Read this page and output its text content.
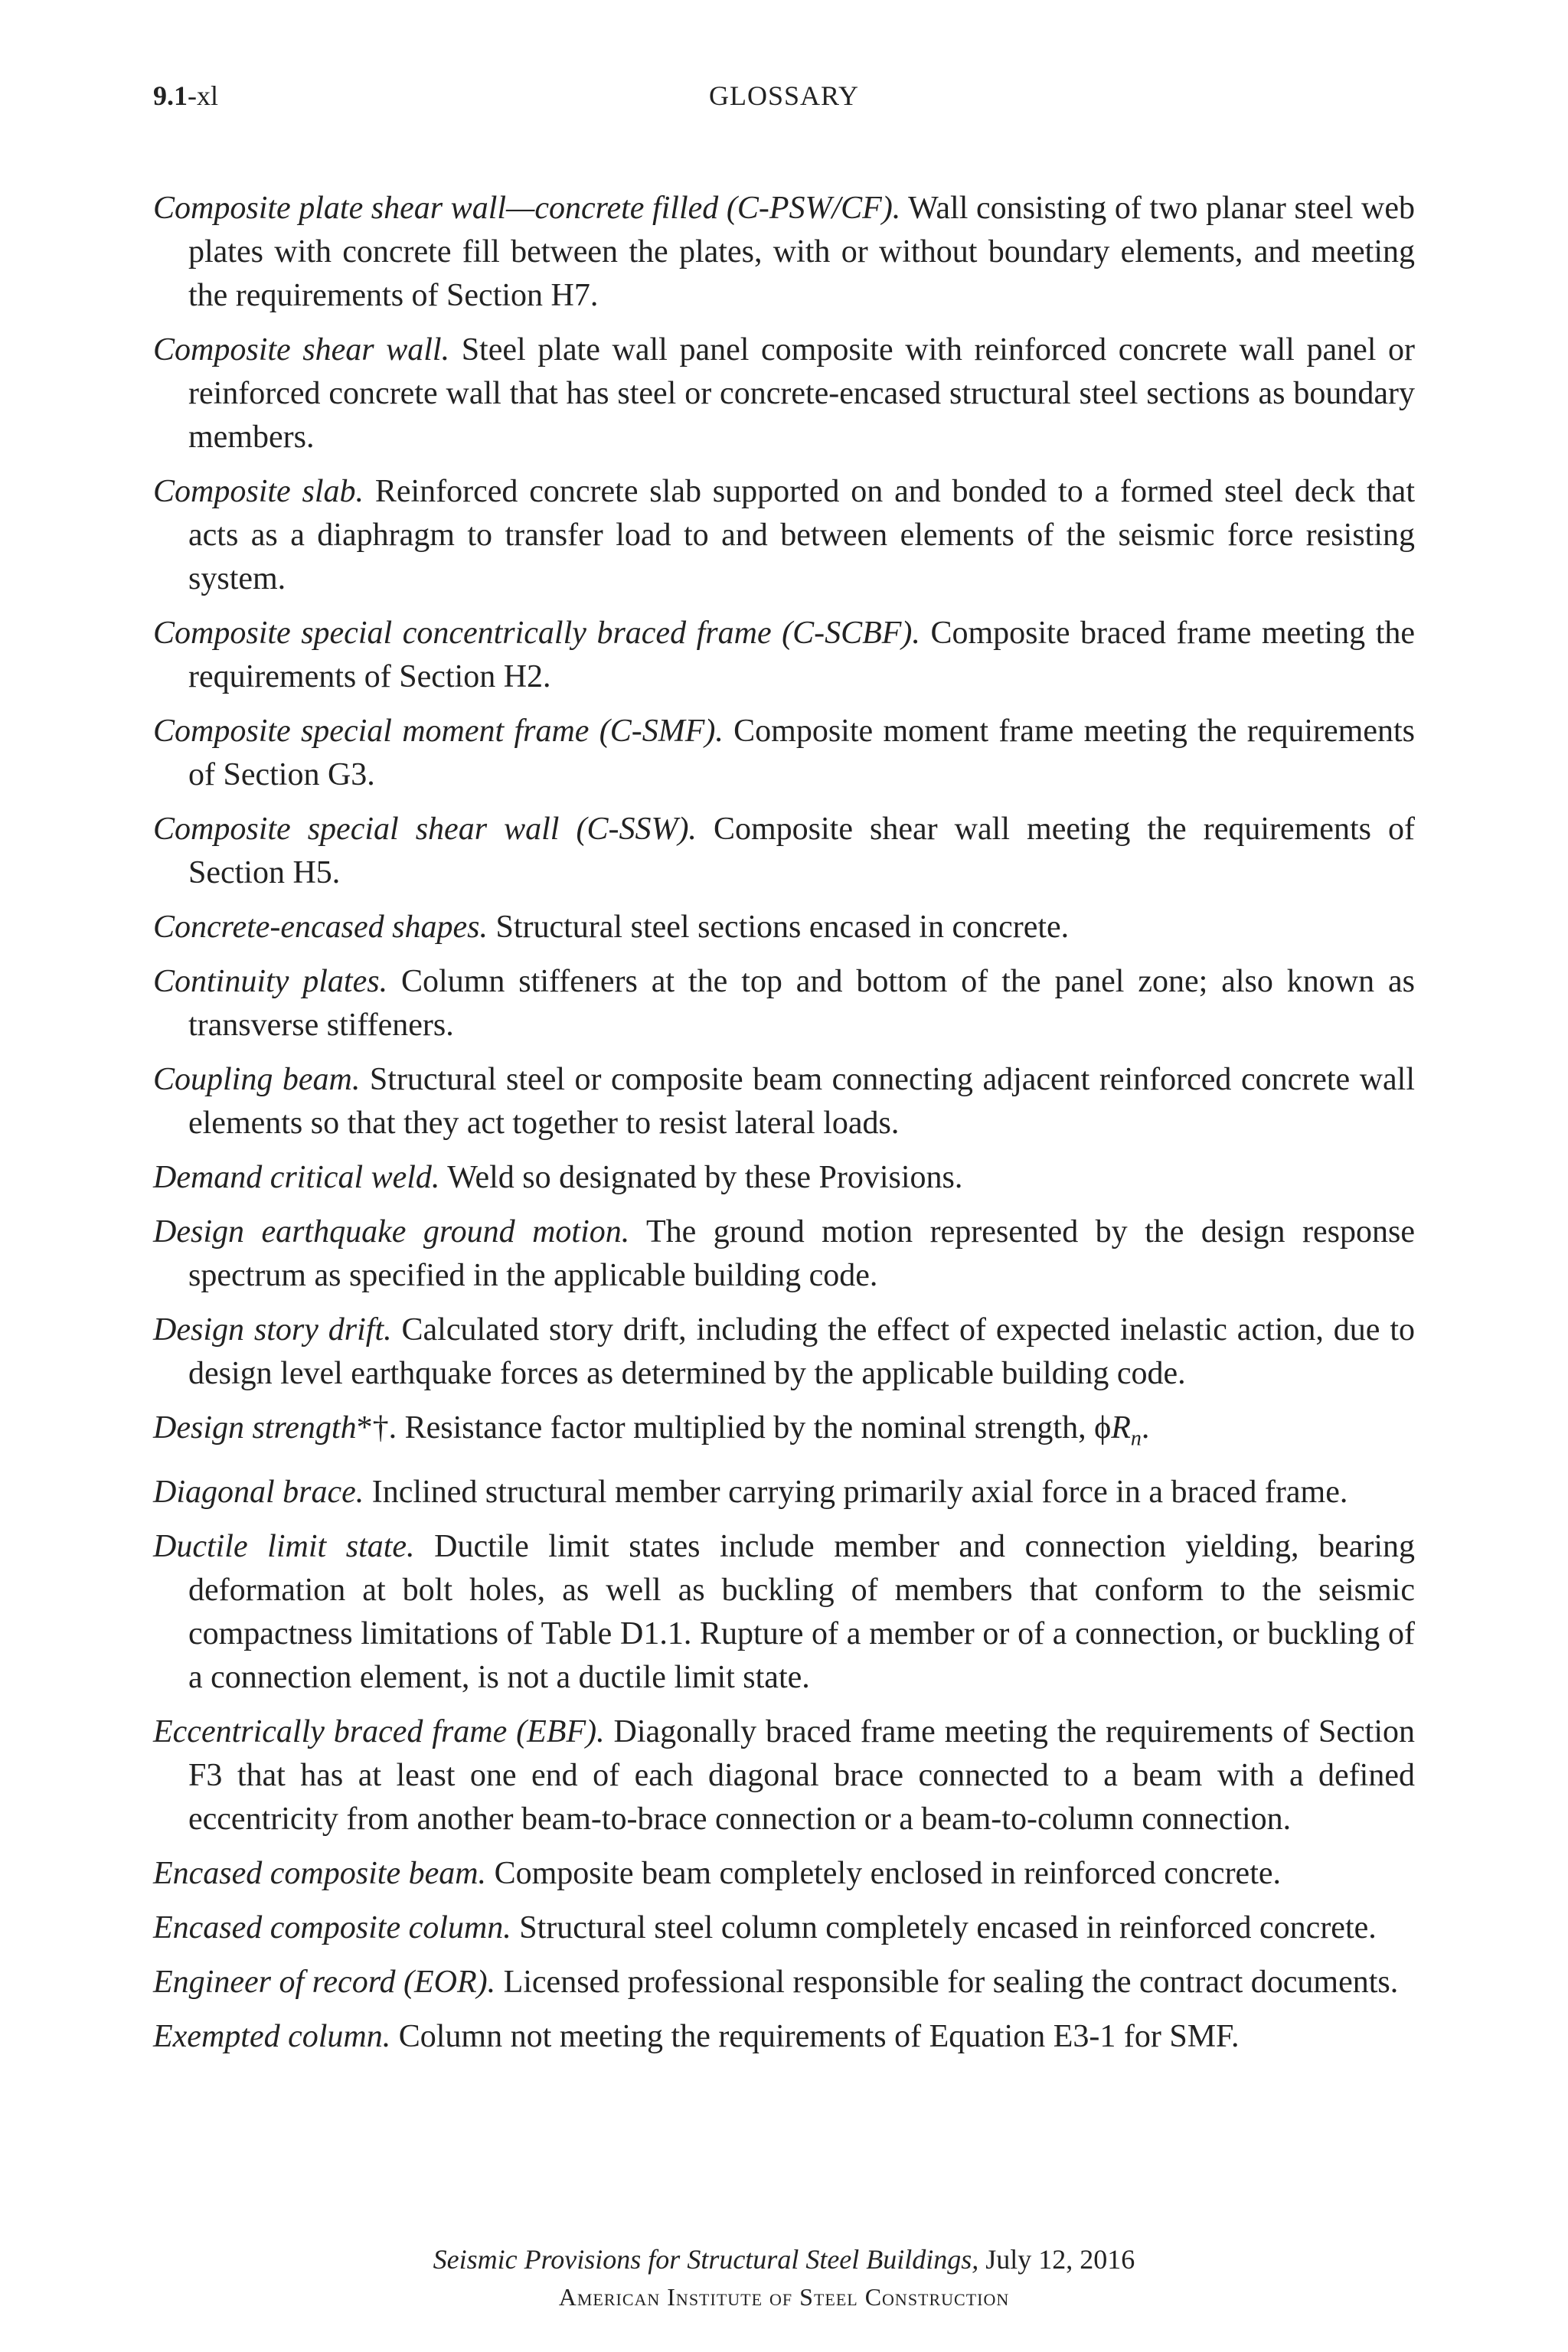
9.1-xl	GLOSSARY

Composite plate shear wall—concrete filled (C-PSW/CF). Wall consisting of two planar steel web plates with concrete fill between the plates, with or without boundary elements, and meeting the requirements of Section H7.

Composite shear wall. Steel plate wall panel composite with reinforced concrete wall panel or reinforced concrete wall that has steel or concrete-encased structural steel sections as boundary members.

Composite slab. Reinforced concrete slab supported on and bonded to a formed steel deck that acts as a diaphragm to transfer load to and between elements of the seismic force resisting system.

Composite special concentrically braced frame (C-SCBF). Composite braced frame meeting the requirements of Section H2.

Composite special moment frame (C-SMF). Composite moment frame meeting the requirements of Section G3.

Composite special shear wall (C-SSW). Composite shear wall meeting the requirements of Section H5.

Concrete-encased shapes. Structural steel sections encased in concrete.

Continuity plates. Column stiffeners at the top and bottom of the panel zone; also known as transverse stiffeners.

Coupling beam. Structural steel or composite beam connecting adjacent reinforced concrete wall elements so that they act together to resist lateral loads.

Demand critical weld. Weld so designated by these Provisions.

Design earthquake ground motion. The ground motion represented by the design response spectrum as specified in the applicable building code.

Design story drift. Calculated story drift, including the effect of expected inelastic action, due to design level earthquake forces as determined by the applicable building code.

Design strength*†. Resistance factor multiplied by the nominal strength, $\phi R_n$.

Diagonal brace. Inclined structural member carrying primarily axial force in a braced frame.

Ductile limit state. Ductile limit states include member and connection yielding, bearing deformation at bolt holes, as well as buckling of members that conform to the seismic compactness limitations of Table D1.1. Rupture of a member or of a connection, or buckling of a connection element, is not a ductile limit state.

Eccentrically braced frame (EBF). Diagonally braced frame meeting the requirements of Section F3 that has at least one end of each diagonal brace connected to a beam with a defined eccentricity from another beam-to-brace connection or a beam-to-column connection.

Encased composite beam. Composite beam completely enclosed in reinforced concrete.

Encased composite column. Structural steel column completely encased in reinforced concrete.

Engineer of record (EOR). Licensed professional responsible for sealing the contract documents.

Exempted column. Column not meeting the requirements of Equation E3-1 for SMF.

Seismic Provisions for Structural Steel Buildings, July 12, 2016
American Institute of Steel Construction
